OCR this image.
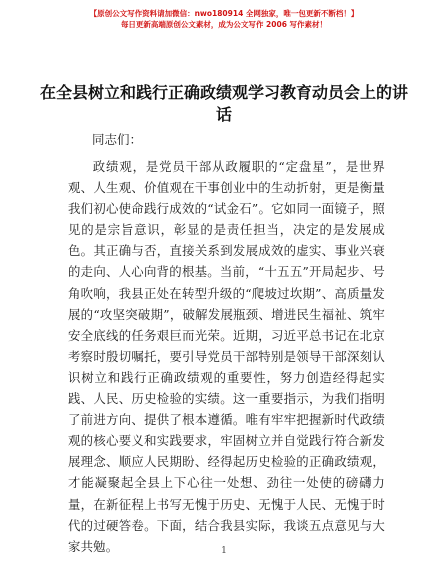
【原创公文写作资料请加微信：nwo180914 全网独家，唯一包更新不断档！】
每日更新高端原创公文素材，成为公文写作 2006 写作素材！
在全县树立和践行正确政绩观学习教育动员会上的讲话

同志们：

政绩观，是党员干部从政履职的“定盘星”，是世界观、人生观、价值观在干事创业中的生动折射，更是衡量我们初心使命践行成效的“试金石”。它如同一面镜子，照见的是宗旨意识，彰显的是责任担当，决定的是发展成色。其正确与否，直接关系到发展成效的虚实、事业兴衰的走向、人心向背的根基。当前，“十五五”开局起步、号角吹响，我县正处在转型升级的“爬坡过坎期”、高质量发展的“攻坚突破期”，破解发展瓶颈、增进民生福祉、筑牢安全底线的任务艰巨而光荣。近期，习近平总书记在北京考察时殷切嘱托，要引导党员干部特别是领导干部深刻认识树立和践行正确政绩观的重要性，努力创造经得起实践、人民、历史检验的实绩。这一重要指示，为我们指明了前进方向、提供了根本遵循。唯有牢牢把握新时代政绩观的核心要义和实践要求，牢固树立并自觉践行符合新发展理念、顺应人民期盼、经得起历史检验的正确政绩观，才能凝聚起全县上下心往一处想、劲往一处使的磅礴力量，在新征程上书写无愧于历史、无愧于人民、无愧于时代的过硬答卷。下面，结合我县实际，我谈五点意见与大家共勉。	1
